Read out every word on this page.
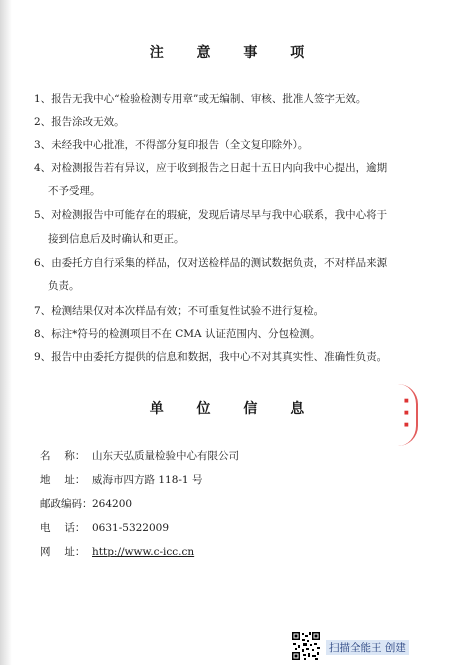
注 意 事 项
1、报告无我中心“检验检测专用章”或无编制、审核、批准人签字无效。
2、报告涂改无效。
3、未经我中心批准，不得部分复印报告（全文复印除外）。
4、对检测报告若有异议，应于收到报告之日起十五日内向我中心提出，逾期
不予受理。
5、对检测报告中可能存在的瑕疵，发现后请尽早与我中心联系，我中心将于
接到信息后及时确认和更正。
6、由委托方自行采集的样品，仅对送检样品的测试数据负责，不对样品来源
负责。
7、检测结果仅对本次样品有效；不可重复性试验不进行复检。
8、标注*符号的检测项目不在 CMA 认证范围内、分包检测。
9、报告中由委托方提供的信息和数据，我中心不对其真实性、准确性负责。
■
■
■
单 位 信 息
名　 称： 山东天弘质量检验中心有限公司
地　 址： 威海市四方路 118-1 号
邮政编码：264200
电　 话： 0631-5322009
网　 址： http://www.c-icc.cn
扫描全能王 创建
